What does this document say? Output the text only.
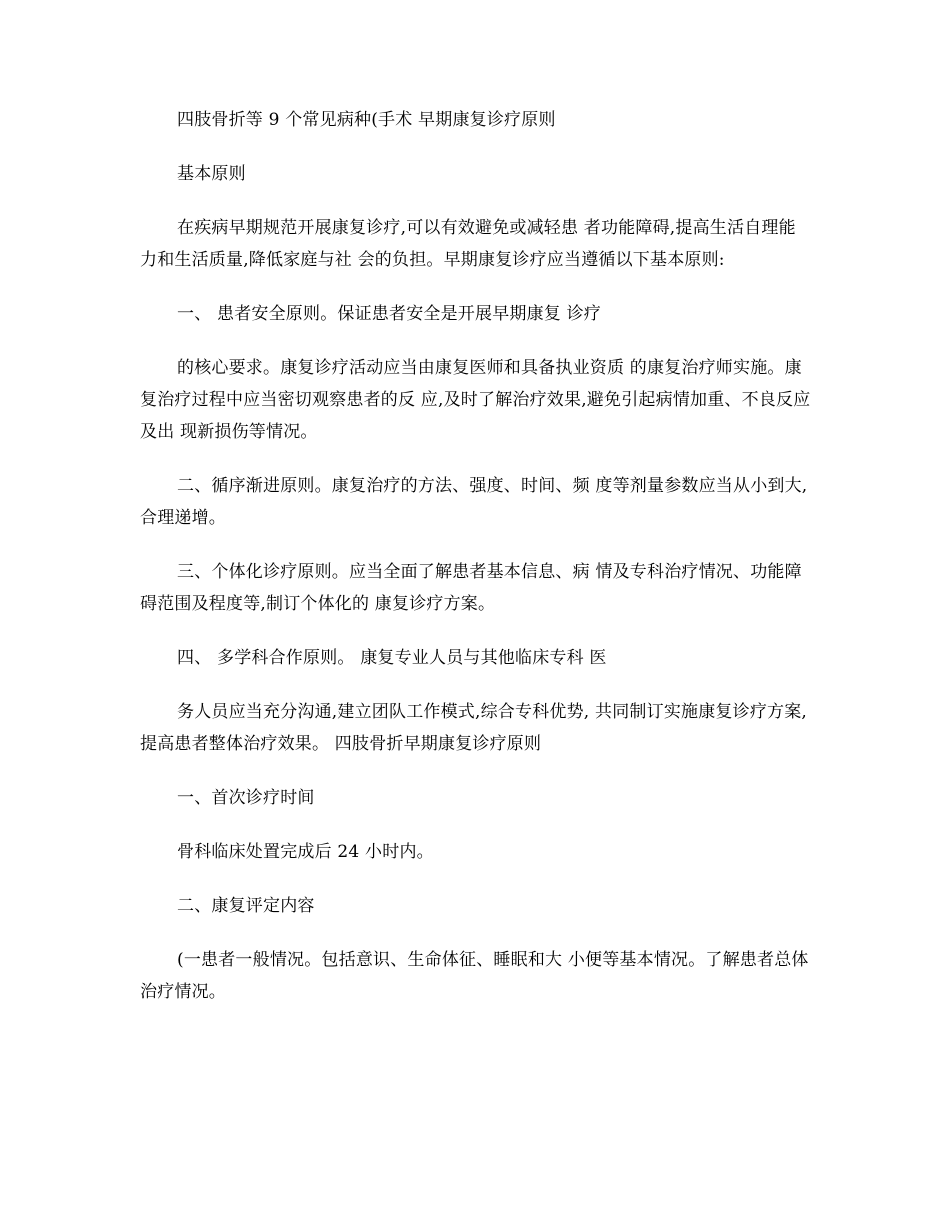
四肢骨折等 9 个常见病种(手术 早期康复诊疗原则

基本原则

在疾病早期规范开展康复诊疗,可以有效避免或减轻患 者功能障碍,提高生活自理能力和生活质量,降低家庭与社 会的负担。早期康复诊疗应当遵循以下基本原则:

一、 患者安全原则。保证患者安全是开展早期康复 诊疗

的核心要求。康复诊疗活动应当由康复医师和具备执业资质 的康复治疗师实施。康复治疗过程中应当密切观察患者的反 应,及时了解治疗效果,避免引起病情加重、不良反应及出 现新损伤等情况。

二、循序渐进原则。康复治疗的方法、强度、时间、频 度等剂量参数应当从小到大,合理递增。

三、个体化诊疗原则。应当全面了解患者基本信息、病 情及专科治疗情况、功能障碍范围及程度等,制订个体化的 康复诊疗方案。

四、 多学科合作原则。 康复专业人员与其他临床专科 医

务人员应当充分沟通,建立团队工作模式,综合专科优势, 共同制订实施康复诊疗方案,提高患者整体治疗效果。 四肢骨折早期康复诊疗原则

一、首次诊疗时间

骨科临床处置完成后 24 小时内。

二、康复评定内容

(一患者一般情况。包括意识、生命体征、睡眠和大 小便等基本情况。了解患者总体治疗情况。
